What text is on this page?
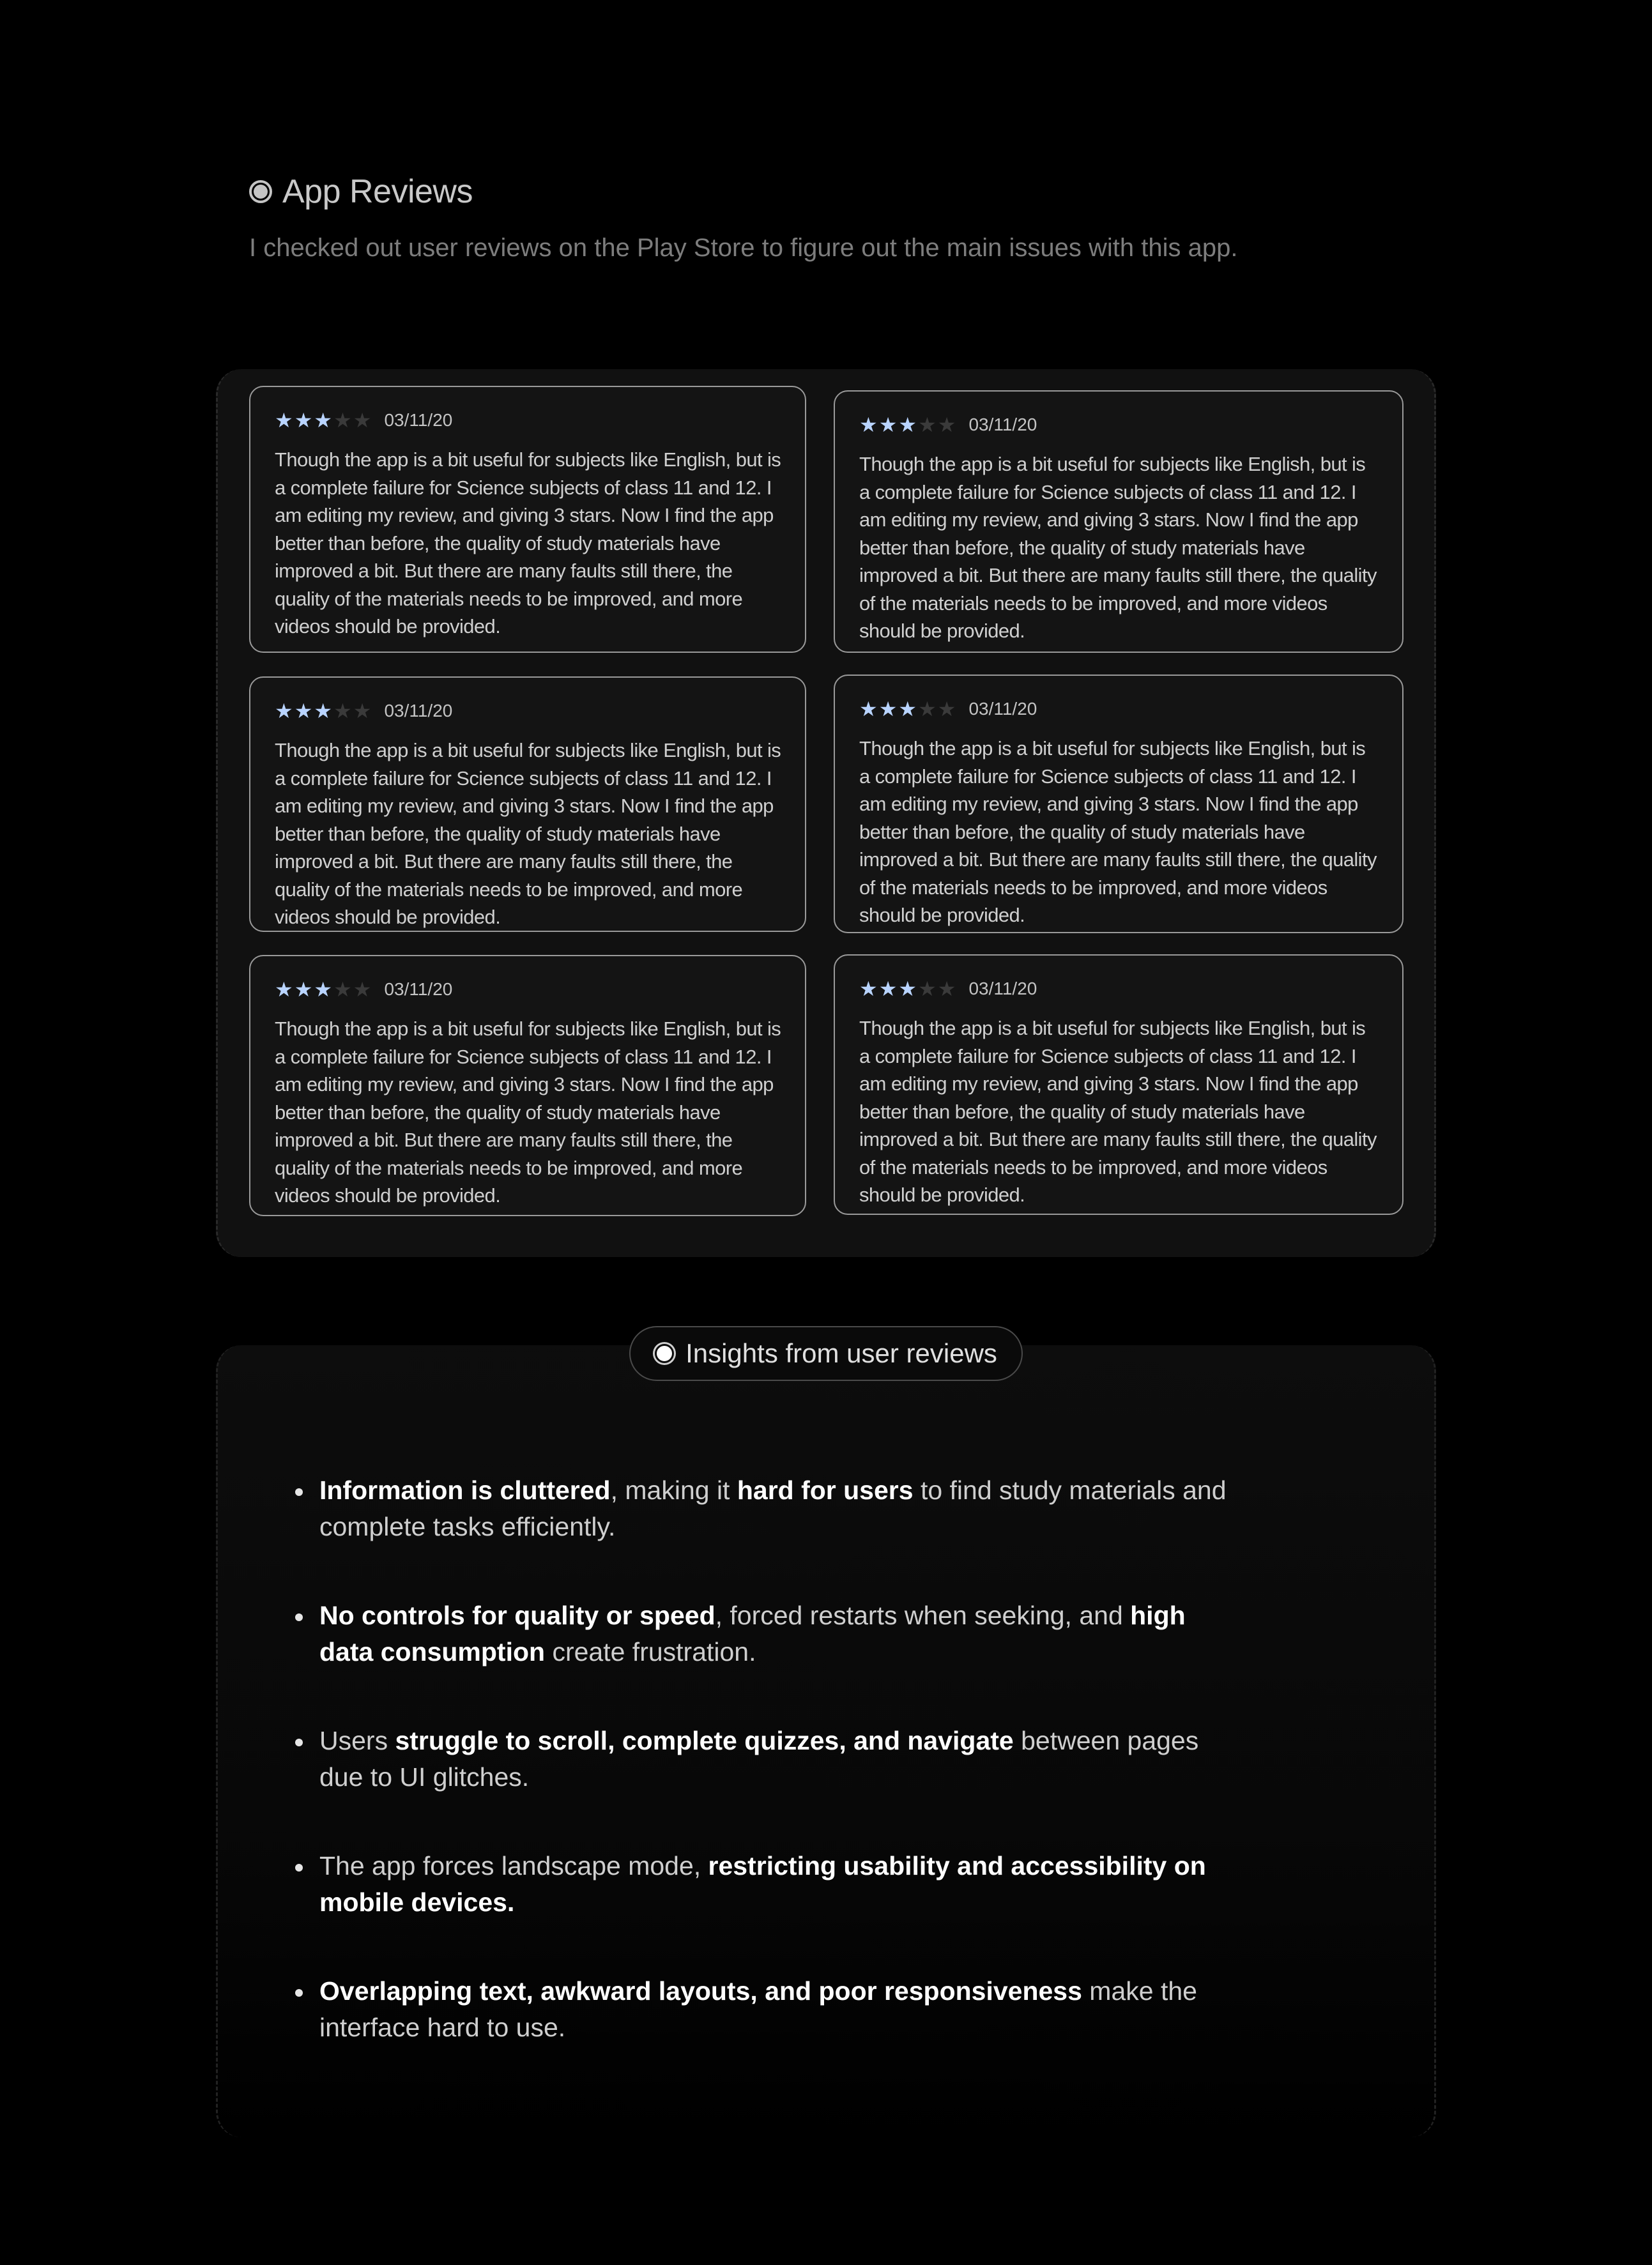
App Reviews
I checked out user reviews on the Play Store to figure out the main issues with this app.
★ ★ ★ ★ ★ 03/11/20
Though the app is a bit useful for subjects like English, but is a complete failure for Science subjects of class 11 and 12. I am editing my review, and giving 3 stars. Now I find the app better than before, the quality of study materials have improved a bit. But there are many faults still there, the quality of the materials needs to be improved, and more videos should be provided.
★ ★ ★ ★ ★ 03/11/20
Though the app is a bit useful for subjects like English, but is a complete failure for Science subjects of class 11 and 12. I am editing my review, and giving 3 stars. Now I find the app better than before, the quality of study materials have improved a bit. But there are many faults still there, the quality of the materials needs to be improved, and more videos should be provided.
★ ★ ★ ★ ★ 03/11/20
Though the app is a bit useful for subjects like English, but is a complete failure for Science subjects of class 11 and 12. I am editing my review, and giving 3 stars. Now I find the app better than before, the quality of study materials have improved a bit. But there are many faults still there, the quality of the materials needs to be improved, and more videos should be provided.
★ ★ ★ ★ ★ 03/11/20
Though the app is a bit useful for subjects like English, but is a complete failure for Science subjects of class 11 and 12. I am editing my review, and giving 3 stars. Now I find the app better than before, the quality of study materials have improved a bit. But there are many faults still there, the quality of the materials needs to be improved, and more videos should be provided.
★ ★ ★ ★ ★ 03/11/20
Though the app is a bit useful for subjects like English, but is a complete failure for Science subjects of class 11 and 12. I am editing my review, and giving 3 stars. Now I find the app better than before, the quality of study materials have improved a bit. But there are many faults still there, the quality of the materials needs to be improved, and more videos should be provided.
★ ★ ★ ★ ★ 03/11/20
Though the app is a bit useful for subjects like English, but is a complete failure for Science subjects of class 11 and 12. I am editing my review, and giving 3 stars. Now I find the app better than before, the quality of study materials have improved a bit. But there are many faults still there, the quality of the materials needs to be improved, and more videos should be provided.
Insights from user reviews
Information is cluttered, making it hard for users to find study materials and complete tasks efficiently.
No controls for quality or speed, forced restarts when seeking, and high data consumption create frustration.
Users struggle to scroll, complete quizzes, and navigate between pages due to UI glitches.
The app forces landscape mode, restricting usability and accessibility on mobile devices.
Overlapping text, awkward layouts, and poor responsiveness make the interface hard to use.
